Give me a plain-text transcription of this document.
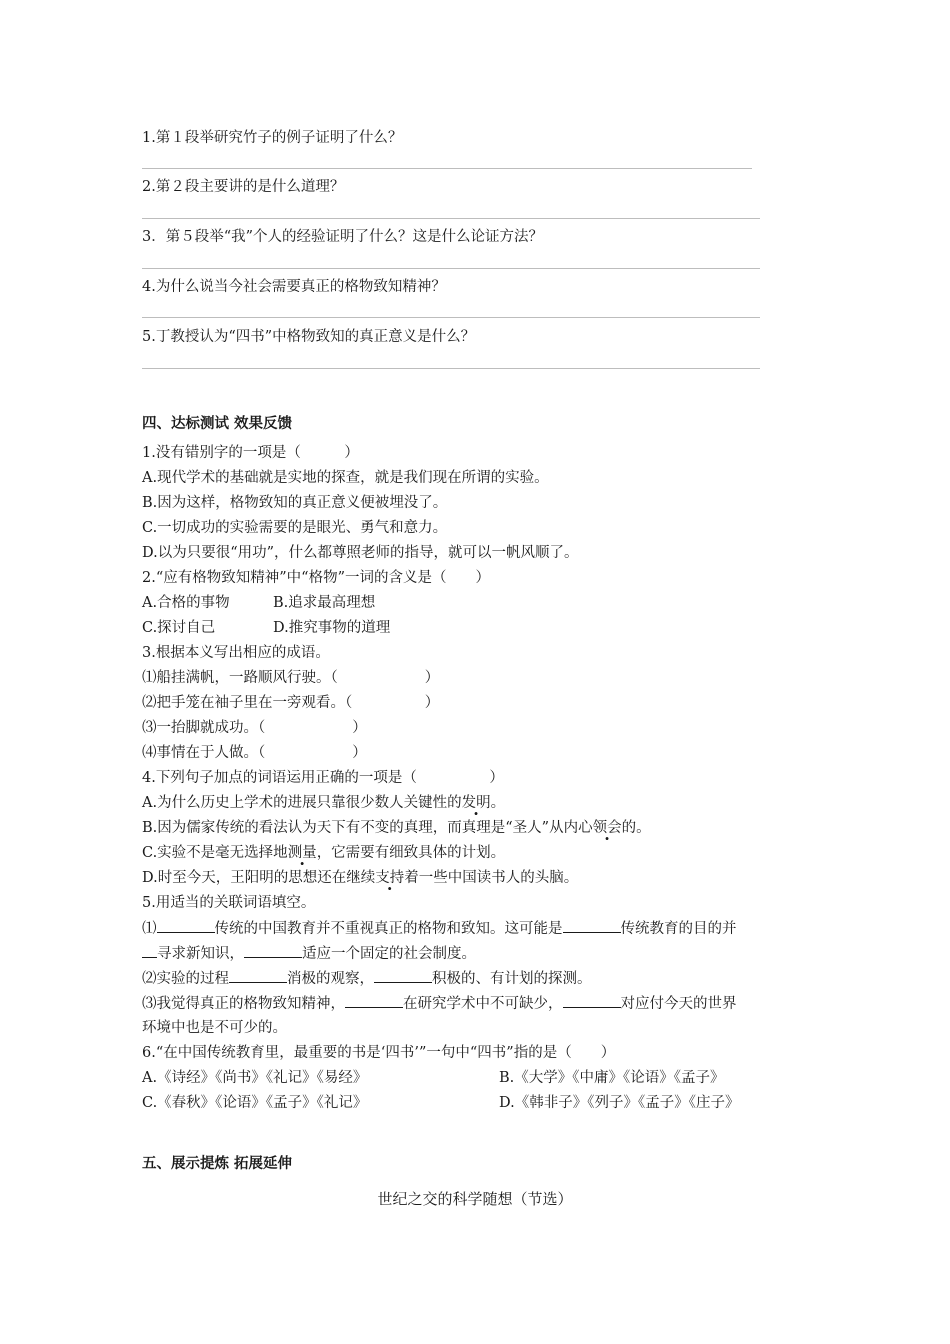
1.第１段举研究竹子的例子证明了什么？
2.第２段主要讲的是什么道理？
3．第５段举“我”个人的经验证明了什么？这是什么论证方法？
4.为什么说当今社会需要真正的格物致知精神？
5.丁教授认为“四书”中格物致知的真正意义是什么？
四、达标测试 效果反馈
1.没有错别字的一项是（　　　）
A.现代学术的基础就是实地的探查，就是我们现在所谓的实验。
B.因为这样，格物致知的真正意义便被埋没了。
C.一切成功的实验需要的是眼光、勇气和意力。
D.以为只要很“用功”，什么都尊照老师的指导，就可以一帆风顺了。
2.“应有格物致知精神”中“格物”一词的含义是（　　）
A.合格的事物	B.追求最高理想
C.探讨自己	D.推究事物的道理
3.根据本义写出相应的成语。
⑴船挂满帆，一路顺风行驶。（　　　　　　）
⑵把手笼在袖子里在一旁观看。（　　　　　）
⑶一抬脚就成功。（　　　　　　）
⑷事情在于人做。（　　　　　　）
4.下列句子加点的词语运用正确的一项是（　　　　　）
A.为什么历史上学术的进展只靠很少数人关键性的发明。
B.因为儒家传统的看法认为天下有不变的真理，而真理是“圣人”从内心领会的。
C.实验不是毫无选择地测量，它需要有细致具体的计划。
D.时至今天，王阳明的思想还在继续支持着一些中国读书人的头脑。
5.用适当的关联词语填空。
⑴	传统的中国教育并不重视真正的格物和致知。这可能是	传统教育的目的并
寻求新知识，	适应一个固定的社会制度。
⑵实验的过程	消极的观察，	积极的、有计划的探测。
⑶我觉得真正的格物致知精神，	在研究学术中不可缺少，	对应付今天的世界
环境中也是不可少的。
6.“在中国传统教育里，最重要的书是‘四书’”一句中“四书”指的是（　　）
A.《诗经》《尚书》《礼记》《易经》	B.《大学》《中庸》《论语》《孟子》
C.《春秋》《论语》《孟子》《礼记》	D.《韩非子》《列子》《孟子》《庄子》
五、展示提炼 拓展延伸
世纪之交的科学随想（节选）
